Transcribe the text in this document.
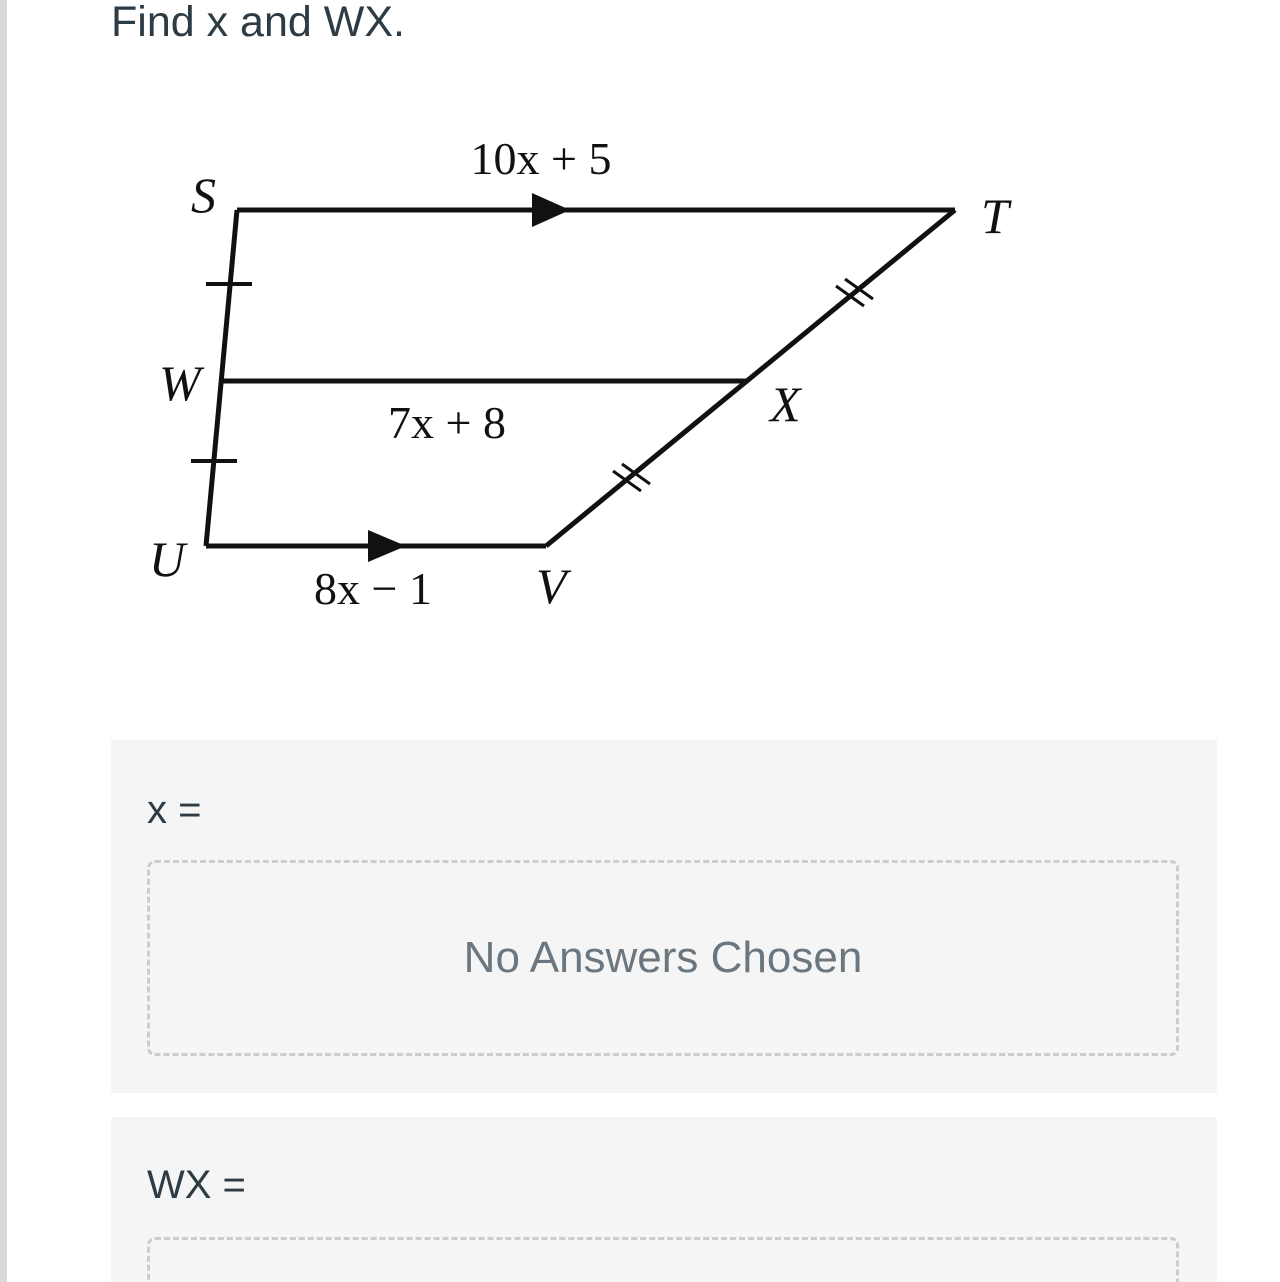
Find x and WX.
10x + 5
7x + 8
8x − 1
S	T
W	X
U	V

x =

No Answers Chosen

WX =
